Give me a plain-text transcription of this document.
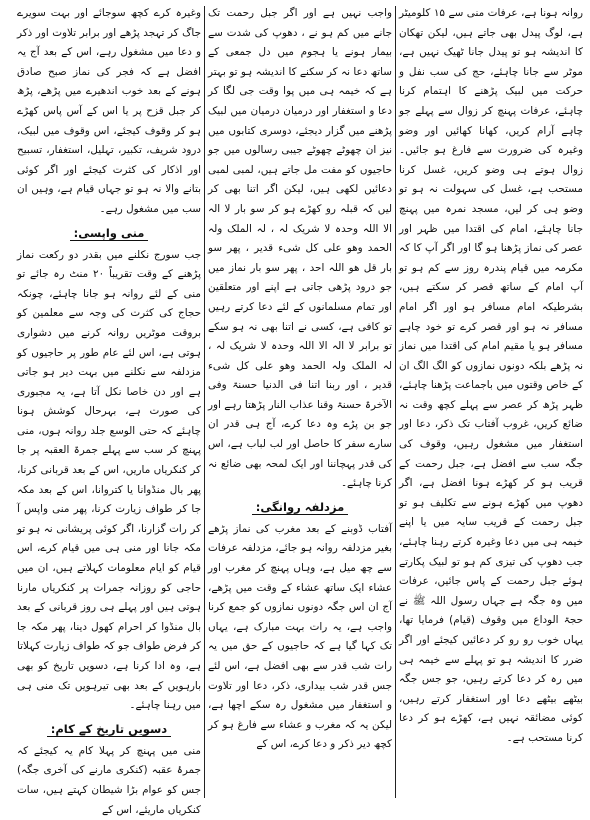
روانہ ہونا ہے، عرفات منی سے ۱۵ کلومیٹر ہے، لوگ پیدل بھی جاتے ہیں، لیکن تھکان کا اندیشہ ہو تو پیدل جانا ٹھیک نہیں ہے، موٹر سے جانا چاہئے، حج کی سب نفل و حرکت میں لبیک پڑھنے کا اہتمام کرنا چاہئے، عرفات پہنچ کر زوال سے پہلے جو چاہے آرام کریں، کھانا کھائیں اور وضو وغیرہ کی ضرورت سے فارغ ہو جائیں۔ زوال ہوتے ہی وضو کریں، غسل کرنا مستحب ہے، غسل کی سہولت نہ ہو تو وضو ہی کر لیں، مسجد نمرہ میں پہنچ جانا چاہئے، امام کی اقتدا میں ظہر اور عصر کی نماز پڑھنا ہو گا اور اگر آپ کا کہ مکرمہ میں قیام پندرہ روز سے کم ہو تو آپ امام کے ساتھ قصر کر سکتے ہیں، بشرطیکہ امام مسافر ہو اور اگر امام مسافر نہ ہو اور قصر کرے تو خود چاہے مسافر ہو یا مقیم امام کی اقتدا میں نماز نہ پڑھے بلکہ دونوں نمازوں کو الگ الگ ان کے خاص وقتوں میں باجماعت پڑھنا چاہئے، ظہر پڑھ کر عصر سے پہلے کچھ وقت نہ ضائع کریں، غروب آفتاب تک ذکر، دعا اور استغفار میں مشغول رہیں، وقوف کی جگہ سب سے افضل ہے، جبل رحمت کے قریب ہو کر کھڑے ہونا افضل ہے، اگر دھوپ میں کھڑے ہونے سے تکلیف ہو تو جبل رحمت کے قریب سایہ میں یا اپنے خیمہ ہی میں دعا وغیرہ کرتے رہنا چاہئے، جب دھوپ کی تیزی کم ہو تو لبیک پکارتے ہوئے جبل رحمت کے پاس جائیں، عرفات میں وہ جگہ ہے جہاں رسول اللہ ﷺ نے حجۃ الوداع میں وقوف (قیام) فرمایا تھا، یہاں خوب رو رو کر دعائیں کیجئے اور اگر ضرر کا اندیشہ ہو تو پہلے سے خیمہ ہی میں رہ کر دعا کرتے رہیں، جو جس جگہ بیٹھے بیٹھے دعا اور استغفار کرتے رہیں، کوئی مضائقہ نہیں ہے، کھڑے ہو کر دعا کرنا مستحب ہے۔

واجب نہیں ہے اور اگر جبل رحمت تک جانے میں کم ہو نے ، دھوپ کی شدت سے بیمار ہونے یا ہجوم میں دل جمعی کے ساتھ دعا نہ کر سکنے کا اندیشہ ہو تو بہتر ہے کہ خیمہ ہی میں پوا وقت جی لگا کر دعا و استغفار اور درمیان درمیان میں لبیک پڑھنے میں گزار دیجئے، دوسری کتابوں میں نیز ان چھوٹے چھوٹے جیبی رسالوں میں جو حاجیوں کو مفت مل جاتے ہیں، لمبی لمبی دعائیں لکھی ہیں، لیکن اگر اتنا بھی کر لیں کہ قبلہ رو کھڑے ہو کر سو بار لا الہ الا اللہ وحدہ لا شریک لہ ، لہ الملک ولہ الحمد وھو علی کل شیء قدیر ، پھر سو بار قل ھو اللہ احد ، پھر سو بار نماز میں جو درود پڑھی جاتی ہے اپنے اور متعلقین اور تمام مسلمانوں کے لئے دعا کرتے رہیں تو کافی ہے، کسی نے اتنا بھی نہ ہو سکے تو برابر لا الہ الا اللہ وحدہ لا شریک لہ ، لہ الملک ولہ الحمد وھو علی کل شیء قدیر ، اور ربنا اتنا فی الدنیا حسنۃ وفی الآخرۃ حسنۃ وقنا عذاب النار پڑھتا رہے اور جو بن پڑے وہ دعا کرے، آج ہی قدر ان سارے سفر کا حاصل اور لب لباب ہے، اس کی قدر پہچاننا اور ایک لمحہ بھی ضائع نہ کرنا چاہئے۔

مزدلفہ روانگی:

آفتاب ڈوبنے کے بعد مغرب کی نماز پڑھے بغیر مزدلفہ روانہ ہو جائے، مزدلفہ عرفات سے چھ میل ہے، وہاں پہنچ کر مغرب اور عشاء ایک ساتھ عشاء کے وقت میں پڑھے، آج ان اس جگہ دونوں نمازوں کو جمع کرنا واجب ہے، یہ رات بہت مبارک ہے، یہاں تک کہا گیا ہے کہ حاجیوں کے حق میں یہ رات شب قدر سے بھی افضل ہے، اس لئے جس قدر شب بیداری، ذکر، دعا اور تلاوت و استغفار میں مشغول رہ سکے اچھا ہے، لیکن یہ کہ مغرب و عشاء سے فارغ ہو کر کچھ دیر ذکر و دعا کرے، اس کے

وغیرہ کرے کچھ سوجائے اور بہت سویرے جاگ کر تہجد پڑھے اور برابر تلاوت اور ذکر و دعا میں مشغول رہے، اس کے بعد آج یہ افضل ہے کہ فجر کی نماز صبح صادق ہونے کے بعد خوب اندھیرے میں پڑھے، پڑھ کر جبل قزح پر یا اس کے آس پاس کھڑے ہو کر وقوف کیجئے، اس وقوف میں لبیک، درود شریف، تکبیر، تہلیل، استغفار، تسبیح اور اذکار کی کثرت کیجئے اور اگر کوئی بتانے والا نہ ہو تو جہاں قیام ہے، وہیں ان سب میں مشغول رہے۔

منی واپسی:

جب سورج نکلنے میں بقدر دو رکعت نماز پڑھنے کے وقت تقریباً ۲۰ منٹ رہ جائے تو منی کے لئے روانہ ہو جانا چاہئے، چونکہ حجاج کی کثرت کی وجہ سے معلمین کو بروقت موٹریں روانہ کرنے میں دشواری ہوتی ہے، اس لئے عام طور پر حاجیوں کو مزدلفہ سے نکلنے میں بہت دیر ہو جاتی ہے اور دن خاصا نکل آتا ہے، یہ مجبوری کی صورت ہے، بہرحال کوشش ہونا چاہئے کہ حتی الوسع جلد روانہ ہوں، منی پہنچ کر سب سے پہلے جمرۃ العقبہ پر جا کر کنکریاں ماریں، اس کے بعد قربانی کرنا، پھر بال منڈوانا یا کتروانا، اس کے بعد مکہ جا کر طواف زیارت کرنا، پھر منی واپس آ کر رات گزارنا، اگر کوئی پریشانی نہ ہو تو مکہ جانا اور منی ہی میں قیام کرے، اس قیام کو ایام معلومات کہلاتے ہیں، ان میں حاجی کو روزانہ جمرات پر کنکریاں مارنا ہوتی ہیں اور پہلے ہی روز قربانی کے بعد بال منڈوا کر احرام کھول دینا، پھر مکہ جا کر فرض طواف جو کہ طواف زیارت کہلاتا ہے، وہ ادا کرنا ہے، دسویں تاریخ کو بھی بارہویں کے بعد بھی تیرہویں تک منی ہی میں رہنا چاہئے۔

دسویں تاریخ کے کام:

منی میں پہنچ کر پہلا کام یہ کیجئے کہ جمرۂ عقبہ (کنکری مارنے کی آخری جگہ) جس کو عوام بڑا شیطان کہتے ہیں، سات کنکریاں ماریئے، اس کے
